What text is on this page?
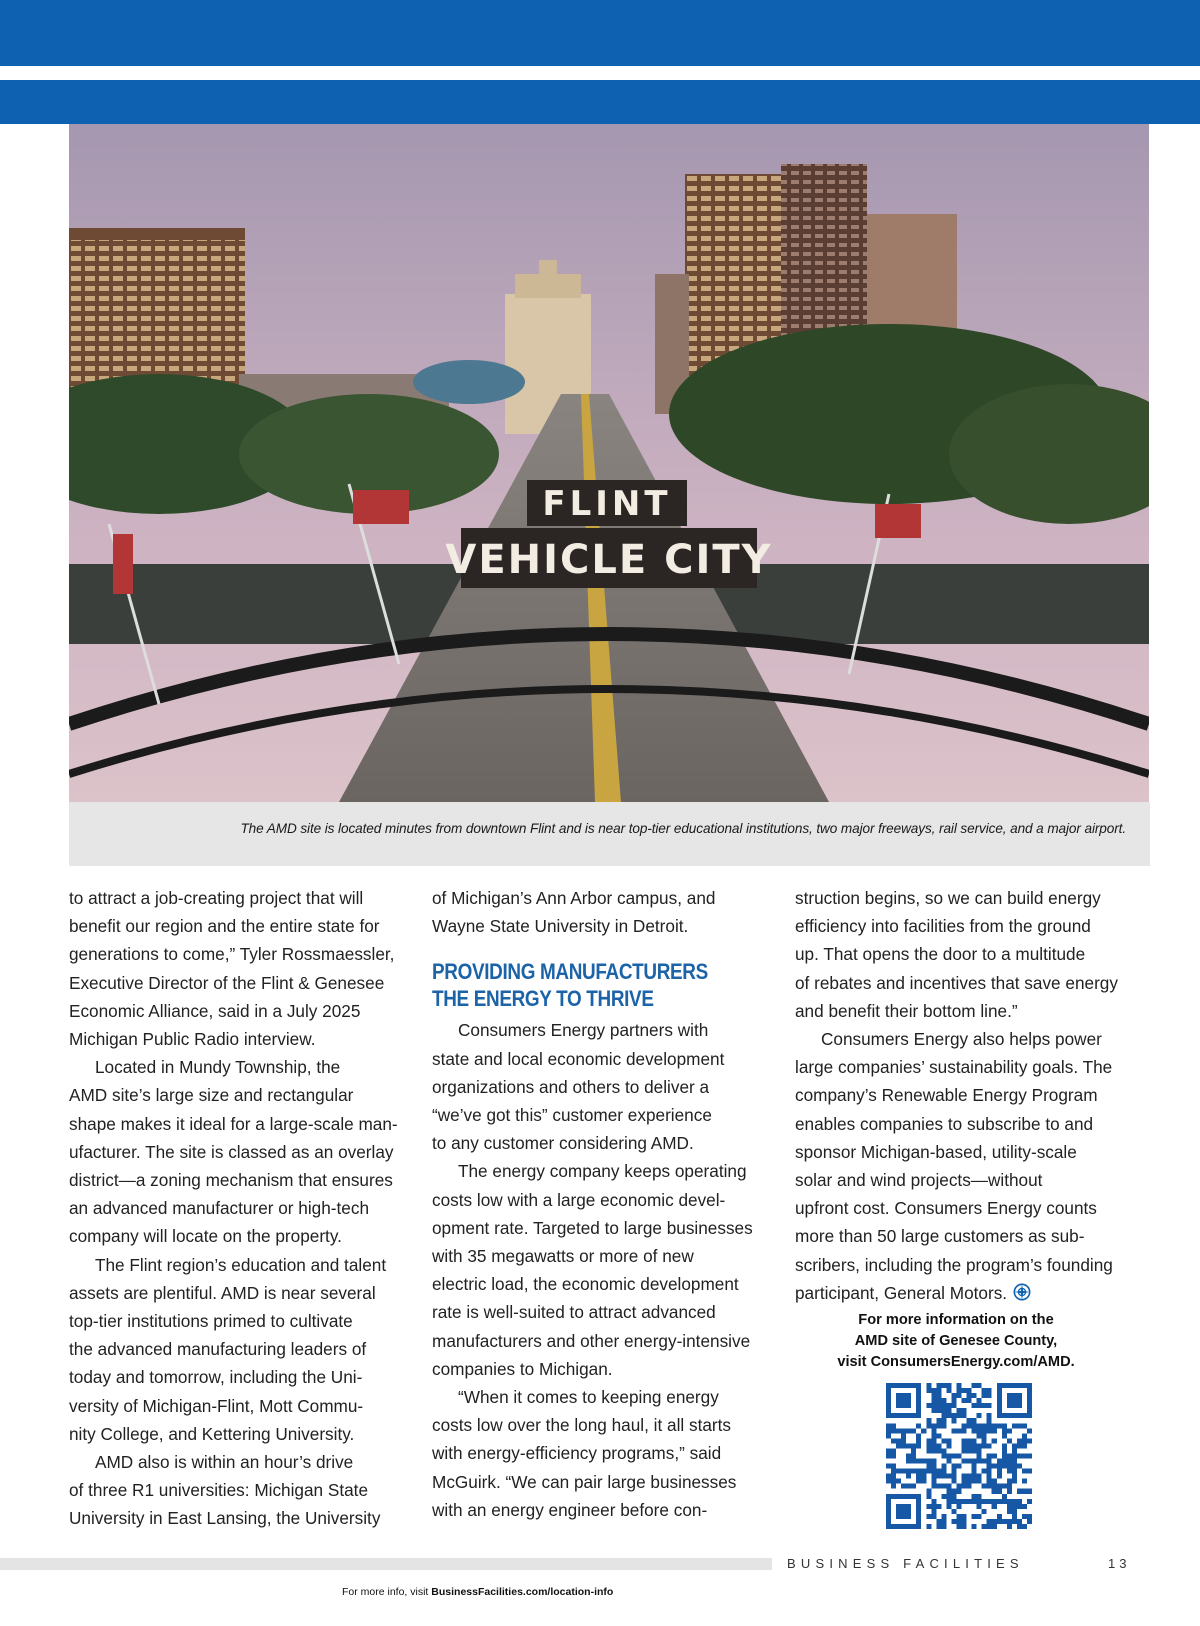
FLINT
VEHICLE CITY
The AMD site is located minutes from downtown Flint and is near top-tier educational institutions, two major freeways, rail service, and a major airport.

to attract a job-creating project that will
benefit our region and the entire state for
generations to come,” Tyler Rossmaessler,
Executive Director of the Flint & Genesee
Economic Alliance, said in a July 2025
Michigan Public Radio interview.

Located in Mundy Township, the
AMD site’s large size and rectangular
shape makes it ideal for a large-scale man-
ufacturer. The site is classed as an overlay
district—a zoning mechanism that ensures
an advanced manufacturer or high-tech
company will locate on the property.

The Flint region’s education and talent
assets are plentiful. AMD is near several
top-tier institutions primed to cultivate
the advanced manufacturing leaders of
today and tomorrow, including the Uni-
versity of Michigan-Flint, Mott Commu-
nity College, and Kettering University.

AMD also is within an hour’s drive
of three R1 universities: Michigan State
University in East Lansing, the University

of Michigan’s Ann Arbor campus, and
Wayne State University in Detroit.

PROVIDING MANUFACTURERS
THE ENERGY TO THRIVE

Consumers Energy partners with
state and local economic development
organizations and others to deliver a
“we’ve got this” customer experience
to any customer considering AMD.

The energy company keeps operating
costs low with a large economic devel-
opment rate. Targeted to large businesses
with 35 megawatts or more of new
electric load, the economic development
rate is well-suited to attract advanced
manufacturers and other energy-intensive
companies to Michigan.

“When it comes to keeping energy
costs low over the long haul, it all starts
with energy-efficiency programs,” said
McGuirk. “We can pair large businesses
with an energy engineer before con-

struction begins, so we can build energy
efficiency into facilities from the ground
up. That opens the door to a multitude
of rebates and incentives that save energy
and benefit their bottom line.”

Consumers Energy also helps power
large companies’ sustainability goals. The
company’s Renewable Energy Program
enables companies to subscribe to and
sponsor Michigan-based, utility-scale
solar and wind projects—without
upfront cost. Consumers Energy counts
more than 50 large customers as sub-
scribers, including the program’s founding
participant, General Motors.

For more information on the
AMD site of Genesee County,
visit ConsumersEnergy.com/AMD.
BUSINESS FACILITIES	13
For more info, visit BusinessFacilities.com/location-info
